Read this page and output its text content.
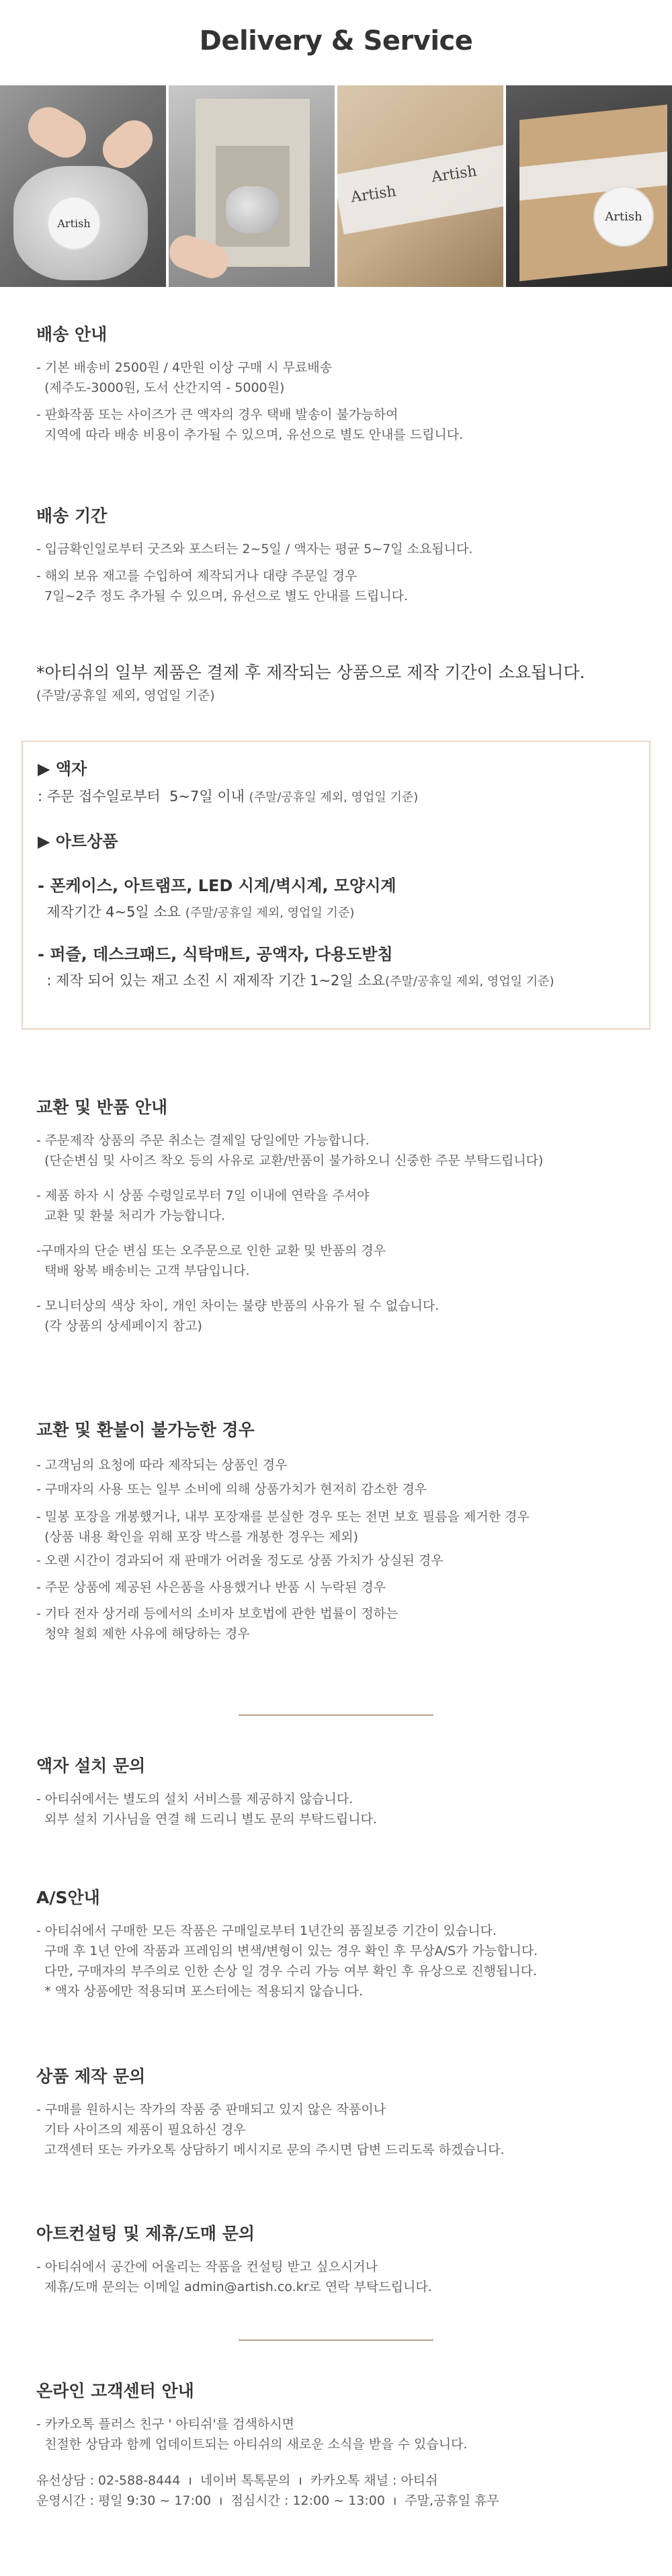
Delivery & Service
Artish
Artish
Artish
Artish
배송 안내
- 기본 배송비 2500원 / 4만원 이상 구매 시 무료배송
(제주도-3000원, 도서 산간지역 - 5000원)
- 판화작품 또는 사이즈가 큰 액자의 경우 택배 발송이 불가능하여
지역에 따라 배송 비용이 추가될 수 있으며, 유선으로 별도 안내를 드립니다.
배송 기간
- 입금확인일로부터 굿즈와 포스터는 2~5일 / 액자는 평균 5~7일 소요됩니다.
- 해외 보유 재고를 수입하여 제작되거나 대량 주문일 경우
7일~2주 정도 추가될 수 있으며, 유선으로 별도 안내를 드립니다.
*아티쉬의 일부 제품은 결제 후 제작되는 상품으로 제작 기간이 소요됩니다.
(주말/공휴일 제외, 영업일 기준)
▶ 액자
: 주문 접수일로부터  5~7일 이내 (주말/공휴일 제외, 영업일 기준)
▶ 아트상품
- 폰케이스, 아트램프, LED 시계/벽시계, 모양시계
제작기간 4~5일 소요 (주말/공휴일 제외, 영업일 기준)
- 퍼즐, 데스크패드, 식탁매트, 공액자, 다용도받침
: 제작 되어 있는 재고 소진 시 재제작 기간 1~2일 소요(주말/공휴일 제외, 영업일 기준)
교환 및 반품 안내
- 주문제작 상품의 주문 취소는 결제일 당일에만 가능합니다.
(단순변심 및 사이즈 착오 등의 사유로 교환/반품이 불가하오니 신중한 주문 부탁드립니다)
- 제품 하자 시 상품 수령일로부터 7일 이내에 연락을 주셔야
교환 및 환불 처리가 가능합니다.
-구매자의 단순 변심 또는 오주문으로 인한 교환 및 반품의 경우
택배 왕복 배송비는 고객 부담입니다.
- 모니터상의 색상 차이, 개인 차이는 불량 반품의 사유가 될 수 없습니다.
(각 상품의 상세페이지 참고)
교환 및 환불이 불가능한 경우
- 고객님의 요청에 따라 제작되는 상품인 경우
- 구매자의 사용 또는 일부 소비에 의해 상품가치가 현저히 감소한 경우
- 밀봉 포장을 개봉했거나, 내부 포장재를 분실한 경우 또는 전면 보호 필름을 제거한 경우
(상품 내용 확인을 위해 포장 박스를 개봉한 경우는 제외)
- 오랜 시간이 경과되어 재 판매가 어려울 정도로 상품 가치가 상실된 경우
- 주문 상품에 제공된 사은품을 사용했거나 반품 시 누락된 경우
- 기타 전자 상거래 등에서의 소비자 보호법에 관한 법률이 정하는
청약 철회 제한 사유에 해당하는 경우
액자 설치 문의
- 아티쉬에서는 별도의 설치 서비스를 제공하지 않습니다.
외부 설치 기사님을 연결 해 드리니 별도 문의 부탁드립니다.
A/S안내
- 아티쉬에서 구매한 모든 작품은 구매일로부터 1년간의 품질보증 기간이 있습니다.
구매 후 1년 안에 작품과 프레임의 변색/변형이 있는 경우 확인 후 무상A/S가 가능합니다.
다만, 구매자의 부주의로 인한 손상 일 경우 수리 가능 여부 확인 후 유상으로 진행됩니다.
* 액자 상품에만 적용되며 포스터에는 적용되지 않습니다.
상품 제작 문의
- 구매를 원하시는 작가의 작품 중 판매되고 있지 않은 작품이나
기타 사이즈의 제품이 필요하신 경우
고객센터 또는 카카오톡 상담하기 메시지로 문의 주시면 답변 드리도록 하겠습니다.
아트컨설팅 및 제휴/도매 문의
- 아티쉬에서 공간에 어울리는 작품을 컨설팅 받고 싶으시거나
제휴/도매 문의는 이메일 admin@artish.co.kr로 연락 부탁드립니다.
온라인 고객센터 안내
- 카카오톡 플러스 친구 ' 아티쉬'를 검색하시면
친절한 상담과 함께 업데이트되는 아티쉬의 새로운 소식을 받을 수 있습니다.
유선상담 : 02-588-8444  ı  네이버 톡톡문의  ı  카카오톡 채널 : 아티쉬
운영시간 : 평일 9:30 ~ 17:00  ı  점심시간 : 12:00 ~ 13:00  ı  주말,공휴일 휴무
